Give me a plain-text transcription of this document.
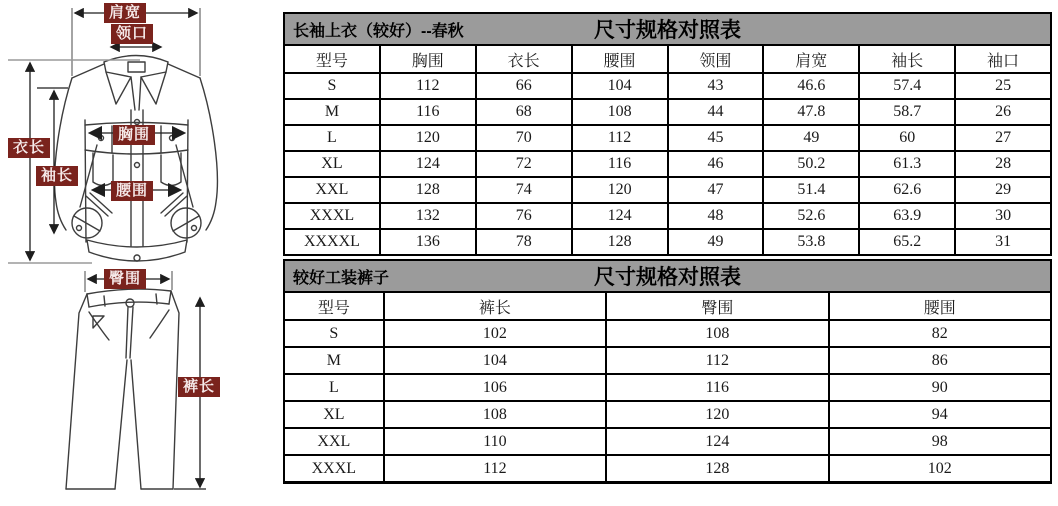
肩宽
领口
衣长
袖长
胸围
腰围
臀围
裤长
长袖上衣（较好）--春秋	尺寸规格对照表
型号	胸围	衣长	腰围	领围	肩宽	袖长	袖口
S	112	66	104	43	46.6	57.4	25
M	116	68	108	44	47.8	58.7	26
L	120	70	112	45	49	60	27
XL	124	72	116	46	50.2	61.3	28
XXL	128	74	120	47	51.4	62.6	29
XXXL	132	76	124	48	52.6	63.9	30
XXXXL	136	78	128	49	53.8	65.2	31
较好工装裤子	尺寸规格对照表
型号	裤长	臀围	腰围
S	102	108	82
M	104	112	86
L	106	116	90
XL	108	120	94
XXL	110	124	98
XXXL	112	128	102
